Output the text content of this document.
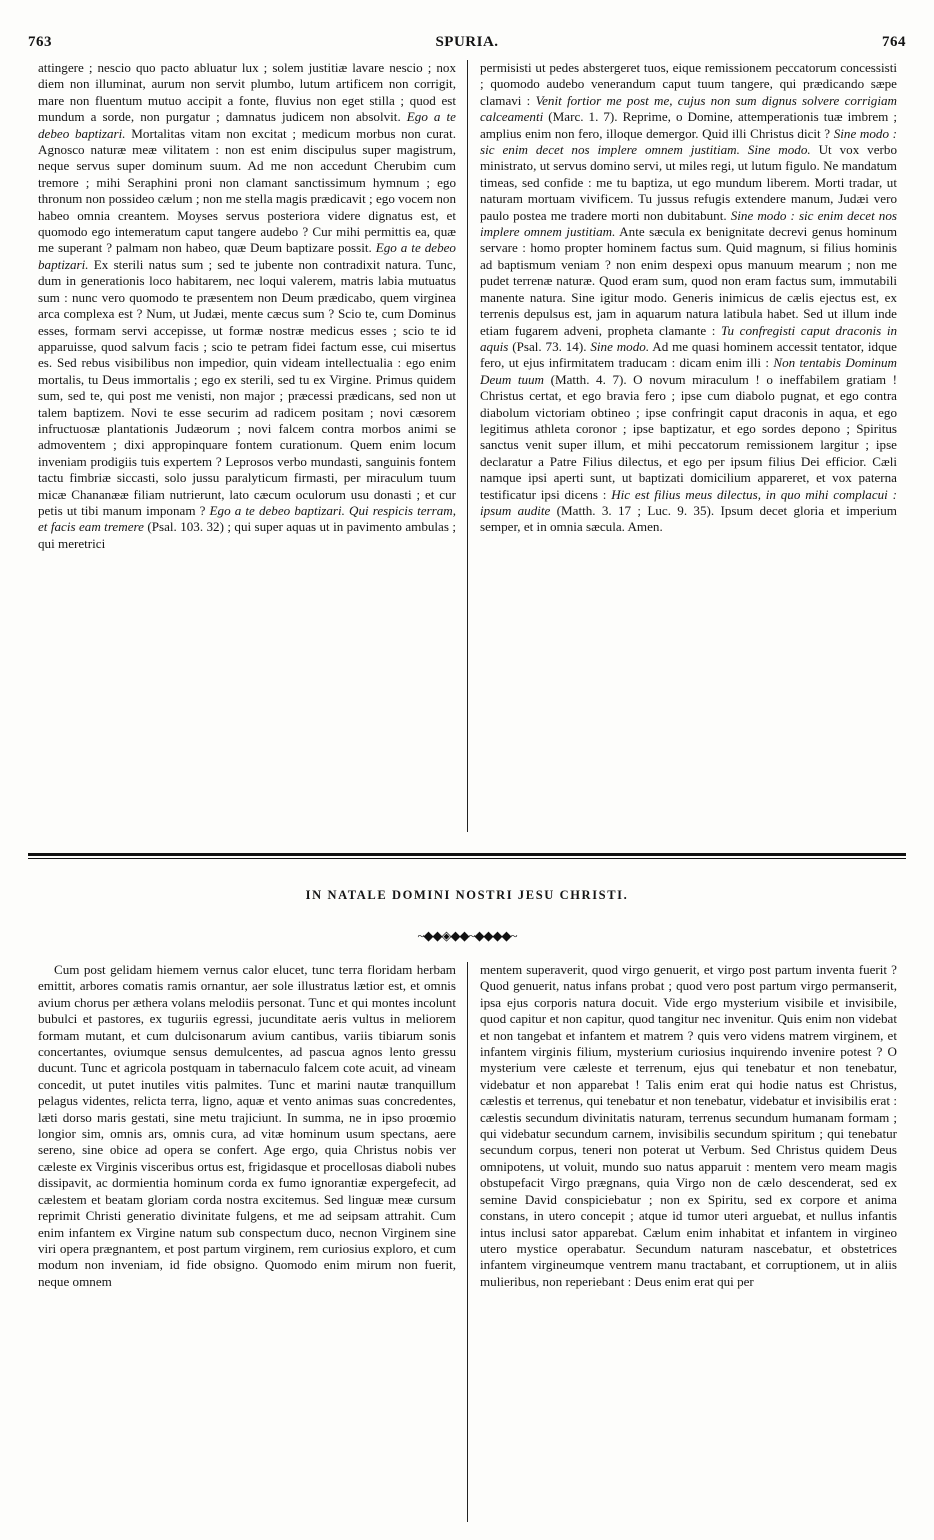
763	SPURIA.	764

attingere ; nescio quo pacto abluatur lux ; solem justitiæ lavare nescio ; nox diem non illuminat, aurum non servit plumbo, lutum artificem non corrigit, mare non fluentum mutuo accipit a fonte, fluvius non eget stilla ; quod est mundum a sorde, non purgatur ; damnatus judicem non absolvit. Ego a te debeo baptizari. Mortalitas vitam non excitat ; medicum morbus non curat. Agnosco naturæ meæ vilitatem : non est enim discipulus super magistrum, neque servus super dominum suum. Ad me non accedunt Cherubim cum tremore ; mihi Seraphini proni non clamant sanctissimum hymnum ; ego thronum non possideo cælum ; non me stella magis prædicavit ; ego vocem non habeo omnia creantem. Moyses servus posteriora videre dignatus est, et quomodo ego intemeratum caput tangere audebo ? Cur mihi permittis ea, quæ me superant ? palmam non habeo, quæ Deum baptizare possit. Ego a te debeo baptizari. Ex sterili natus sum ; sed te jubente non contradixit natura. Tunc, dum in generationis loco habitarem, nec loqui valerem, matris labia mutuatus sum : nunc vero quomodo te præsentem non Deum prædicabo, quem virginea arca complexa est ? Num, ut Judæi, mente cæcus sum ? Scio te, cum Dominus esses, formam servi accepisse, ut formæ nostræ medicus esses ; scio te id apparuisse, quod salvum facis ; scio te petram fidei factum esse, cui misertus es. Sed rebus visibilibus non impedior, quin videam intellectualia : ego enim mortalis, tu Deus immortalis ; ego ex sterili, sed tu ex Virgine. Primus quidem sum, sed te, qui post me venisti, non major ; præcessi prædicans, sed non ut talem baptizem. Novi te esse securim ad radicem positam ; novi cæsorem infructuosæ plantationis Judæorum ; novi falcem contra morbos animi se admoventem ; dixi appropinquare fontem curationum. Quem enim locum inveniam prodigiis tuis expertem ? Leprosos verbo mundasti, sanguinis fontem tactu fimbriæ siccasti, solo jussu paralyticum firmasti, per miraculum tuum micæ Chananææ filiam nutrierunt, lato cæcum oculorum usu donasti ; et cur petis ut tibi manum imponam ? Ego a te debeo baptizari. Qui respicis terram, et facis eam tremere (Psal. 103. 32) ; qui super aquas ut in pavimento ambulas ; qui meretrici

permisisti ut pedes abstergeret tuos, eique remissionem peccatorum concessisti ; quomodo audebo venerandum caput tuum tangere, qui prædicando sæpe clamavi : Venit fortior me post me, cujus non sum dignus solvere corrigiam calceamenti (Marc. 1. 7). Reprime, o Domine, attemperationis tuæ imbrem ; amplius enim non fero, illoque demergor. Quid illi Christus dicit ? Sine modo : sic enim decet nos implere omnem justitiam. Sine modo. Ut vox verbo ministrato, ut servus domino servi, ut miles regi, ut lutum figulo. Ne mandatum timeas, sed confide : me tu baptiza, ut ego mundum liberem. Morti tradar, ut naturam mortuam vivificem. Tu jussus refugis extendere manum, Judæi vero paulo postea me tradere morti non dubitabunt. Sine modo : sic enim decet nos implere omnem justitiam. Ante sæcula ex benignitate decrevi genus hominum servare : homo propter hominem factus sum. Quid magnum, si filius hominis ad baptismum veniam ? non enim despexi opus manuum mearum ; non me pudet terrenæ naturæ. Quod eram sum, quod non eram factus sum, immutabili manente natura. Sine igitur modo. Generis inimicus de cælis ejectus est, ex terrenis depulsus est, jam in aquarum natura latibula habet. Sed ut illum inde etiam fugarem adveni, propheta clamante : Tu confregisti caput draconis in aquis (Psal. 73. 14). Sine modo. Ad me quasi hominem accessit tentator, idque fero, ut ejus infirmitatem traducam : dicam enim illi : Non tentabis Dominum Deum tuum (Matth. 4. 7). O novum miraculum ! o ineffabilem gratiam ! Christus certat, et ego bravia fero ; ipse cum diabolo pugnat, et ego contra diabolum victoriam obtineo ; ipse confringit caput draconis in aqua, et ego legitimus athleta coronor ; ipse baptizatur, et ego sordes depono ; Spiritus sanctus venit super illum, et mihi peccatorum remissionem largitur ; ipse declaratur a Patre Filius dilectus, et ego per ipsum filius Dei efficior. Cæli namque ipsi aperti sunt, ut baptizati domicilium appareret, et vox paterna testificatur ipsi dicens : Hic est filius meus dilectus, in quo mihi complacui : ipsum audite (Matth. 3. 17 ; Luc. 9. 35). Ipsum decet gloria et imperium semper, et in omnia sæcula. Amen.

IN NATALE DOMINI NOSTRI JESU CHRISTI.
~◆◆◈◆◆~◆◆◆◆~

Cum post gelidam hiemem vernus calor elucet, tunc terra floridam herbam emittit, arbores comatis ramis ornantur, aer sole illustratus lætior est, et omnis avium chorus per æthera volans melodiis personat. Tunc et qui montes incolunt bubulci et pastores, ex tuguriis egressi, jucunditate aeris vultus in meliorem formam mutant, et cum dulcisonarum avium cantibus, variis tibiarum sonis concertantes, oviumque sensus demulcentes, ad pascua agnos lento gressu ducunt. Tunc et agricola postquam in tabernaculo falcem cote acuit, ad vineam concedit, ut putet inutiles vitis palmites. Tunc et marini nautæ tranquillum pelagus videntes, relicta terra, ligno, aquæ et vento animas suas concredentes, læti dorso maris gestati, sine metu trajiciunt. In summa, ne in ipso proœmio longior sim, omnis ars, omnis cura, ad vitæ hominum usum spectans, aere sereno, sine obice ad opera se confert. Age ergo, quia Christus nobis ver cæleste ex Virginis visceribus ortus est, frigidasque et procellosas diaboli nubes dissipavit, ac dormientia hominum corda ex fumo ignorantiæ expergefecit, ad cælestem et beatam gloriam corda nostra excitemus. Sed linguæ meæ cursum reprimit Christi generatio divinitate fulgens, et me ad seipsam attrahit. Cum enim infantem ex Virgine natum sub conspectum duco, necnon Virginem sine viri opera prægnantem, et post partum virginem, rem curiosius exploro, et cum modum non inveniam, id fide obsigno. Quomodo enim mirum non fuerit, neque omnem

mentem superaverit, quod virgo genuerit, et virgo post partum inventa fuerit ? Quod genuerit, natus infans probat ; quod vero post partum virgo permanserit, ipsa ejus corporis natura docuit. Vide ergo mysterium visibile et invisibile, quod capitur et non capitur, quod tangitur nec invenitur. Quis enim non videbat et non tangebat et infantem et matrem ? quis vero videns matrem virginem, et infantem virginis filium, mysterium curiosius inquirendo invenire potest ? O mysterium vere cæleste et terrenum, ejus qui tenebatur et non tenebatur, videbatur et non apparebat ! Talis enim erat qui hodie natus est Christus, cælestis et terrenus, qui tenebatur et non tenebatur, videbatur et invisibilis erat : cælestis secundum divinitatis naturam, terrenus secundum humanam formam ; qui videbatur secundum carnem, invisibilis secundum spiritum ; qui tenebatur secundum corpus, teneri non poterat ut Verbum. Sed Christus quidem Deus omnipotens, ut voluit, mundo suo natus apparuit : mentem vero meam magis obstupefacit Virgo prægnans, quia Virgo non de cælo descenderat, sed ex semine David conspiciebatur ; non ex Spiritu, sed ex corpore et anima constans, in utero concepit ; atque id tumor uteri arguebat, et nullus infantis intus inclusi sator apparebat. Cælum enim inhabitat et infantem in virgineo utero mystice operabatur. Secundum naturam nascebatur, et obstetrices infantem virgineumque ventrem manu tractabant, et corruptionem, ut in aliis mulieribus, non reperiebant : Deus enim erat qui per
